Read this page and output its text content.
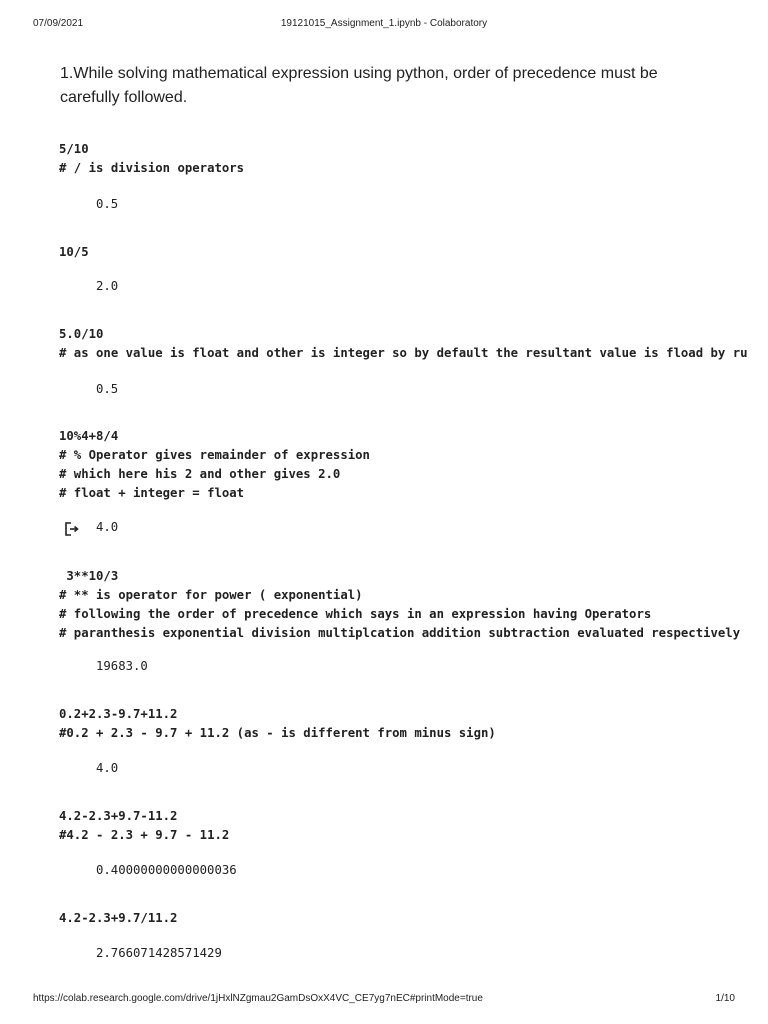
07/09/2021	19121015_Assignment_1.ipynb - Colaboratory
1.While solving mathematical expression using python, order of precedence must be carefully followed.
5/10
# / is division operators
0.5
10/5
2.0
5.0/10
# as one value is float and other is integer so by default the resultant value is fload by ru
0.5
10%4+8/4
# % Operator gives remainder of expression
# which here his 2 and other gives 2.0
# float + integer = float
4.0
3**10/3
# ** is operator for power ( exponential)
# following the order of precedence which says in an expression having Operators
# paranthesis exponential division multiplcation addition subtraction evaluated respectively
19683.0
0.2+2.3-9.7+11.2
#0.2 + 2.3 - 9.7 + 11.2 (as - is different from minus sign)
4.0
4.2-2.3+9.7-11.2
#4.2 - 2.3 + 9.7 - 11.2
0.40000000000000036
4.2-2.3+9.7/11.2
2.766071428571429
https://colab.research.google.com/drive/1jHxlNZgmau2GamDsOxX4VC_CE7yg7nEC#printMode=true	1/10
